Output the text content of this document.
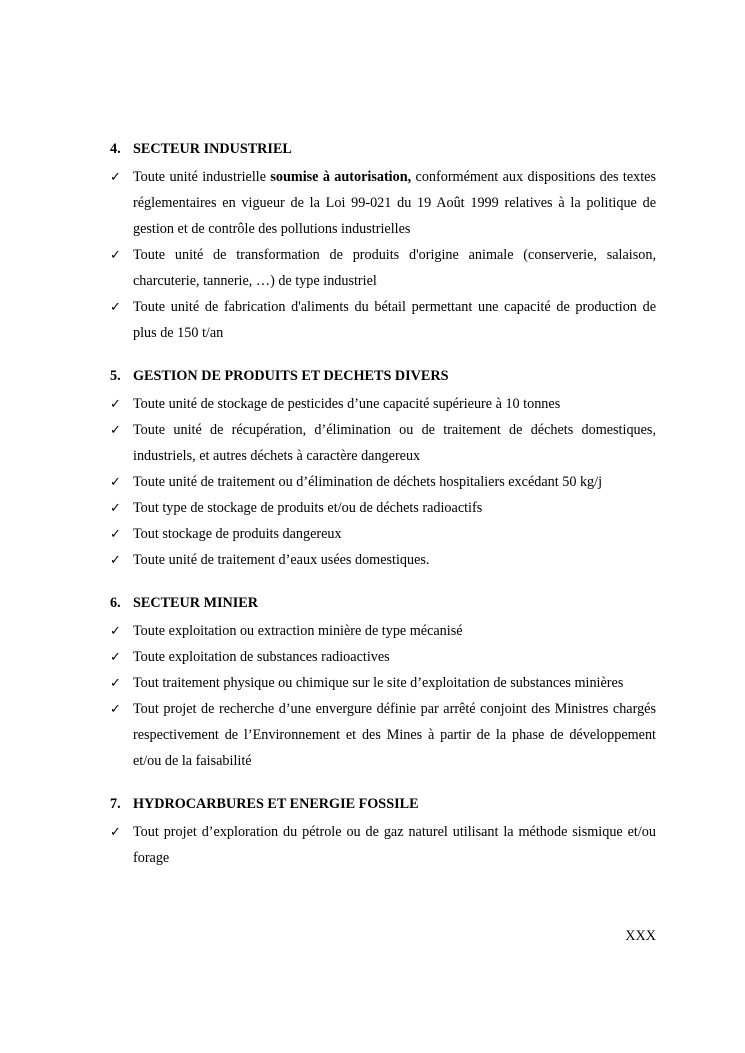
4. SECTEUR INDUSTRIEL
✓ Toute unité industrielle soumise à autorisation, conformément aux dispositions des textes réglementaires en vigueur de la Loi 99-021 du 19 Août 1999 relatives à la politique de gestion et de contrôle des pollutions industrielles
✓ Toute unité de transformation de produits d'origine animale (conserverie, salaison, charcuterie, tannerie, …) de type industriel
✓ Toute unité de fabrication d'aliments du bétail permettant une capacité de production de plus de 150 t/an
5. GESTION DE PRODUITS ET DECHETS DIVERS
✓ Toute unité de stockage de pesticides d’une capacité supérieure à 10 tonnes
✓ Toute unité de récupération, d’élimination ou de traitement de déchets domestiques, industriels, et autres déchets à caractère dangereux
✓ Toute unité de traitement ou d’élimination de déchets hospitaliers excédant 50 kg/j
✓ Tout type de stockage de produits et/ou de déchets radioactifs
✓ Tout stockage de produits dangereux
✓ Toute unité de traitement d’eaux usées domestiques.
6. SECTEUR MINIER
✓ Toute exploitation ou extraction minière de type mécanisé
✓ Toute exploitation de substances radioactives
✓ Tout traitement physique ou chimique sur le site d’exploitation de substances minières
✓ Tout projet de recherche d’une envergure définie par arrêté conjoint des Ministres chargés respectivement de l’Environnement et des Mines à partir de la phase de développement et/ou de la faisabilité
7. HYDROCARBURES ET ENERGIE FOSSILE
✓ Tout projet d’exploration du pétrole ou de gaz naturel utilisant la méthode sismique et/ou forage
XXX
